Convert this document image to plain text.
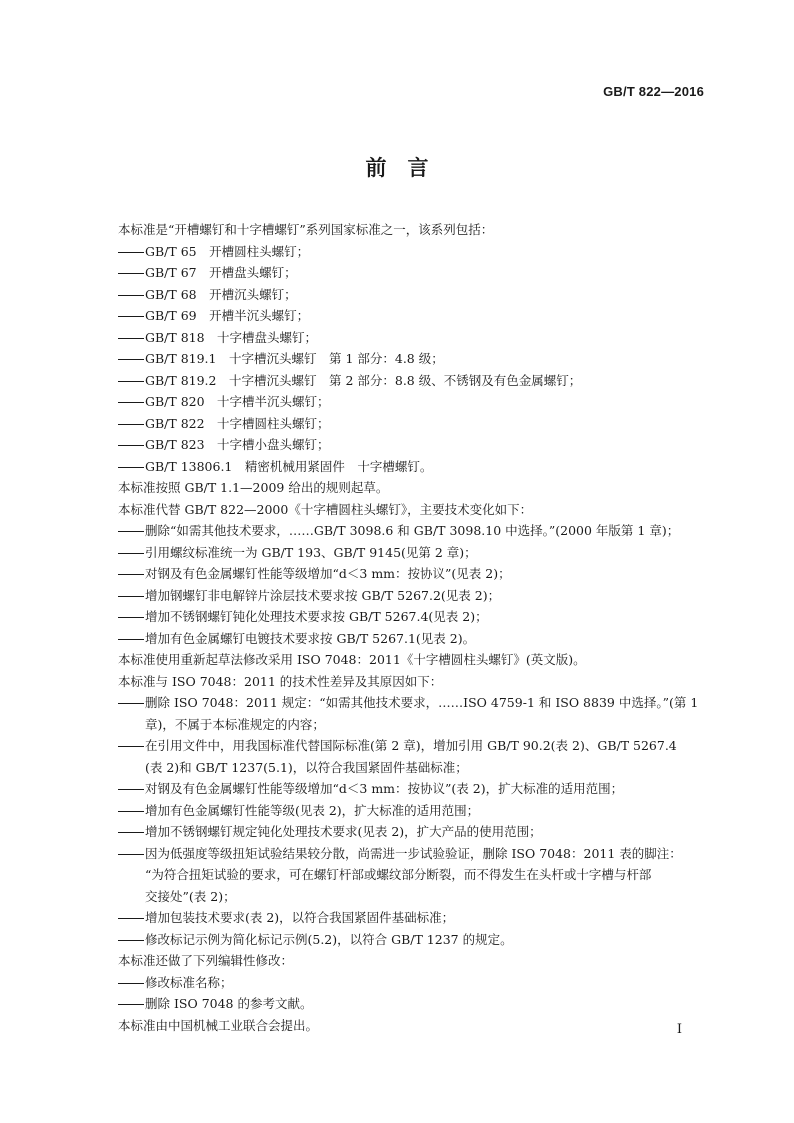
GB/T 822—2016
前　言
本标准是“开槽螺钉和十字槽螺钉”系列国家标准之一，该系列包括：
GB/T 65　开槽圆柱头螺钉；
GB/T 67　开槽盘头螺钉；
GB/T 68　开槽沉头螺钉；
GB/T 69　开槽半沉头螺钉；
GB/T 818　十字槽盘头螺钉；
GB/T 819.1　十字槽沉头螺钉　第 1 部分：4.8 级；
GB/T 819.2　十字槽沉头螺钉　第 2 部分：8.8 级、不锈钢及有色金属螺钉；
GB/T 820　十字槽半沉头螺钉；
GB/T 822　十字槽圆柱头螺钉；
GB/T 823　十字槽小盘头螺钉；
GB/T 13806.1　精密机械用紧固件　十字槽螺钉。
本标准按照 GB/T 1.1—2009 给出的规则起草。
本标准代替 GB/T 822—2000《十字槽圆柱头螺钉》，主要技术变化如下：
删除“如需其他技术要求，……GB/T 3098.6 和 GB/T 3098.10 中选择。”(2000 年版第 1 章)；
引用螺纹标准统一为 GB/T 193、GB/T 9145(见第 2 章)；
对钢及有色金属螺钉性能等级增加“d＜3 mm：按协议”(见表 2)；
增加钢螺钉非电解锌片涂层技术要求按 GB/T 5267.2(见表 2)；
增加不锈钢螺钉钝化处理技术要求按 GB/T 5267.4(见表 2)；
增加有色金属螺钉电镀技术要求按 GB/T 5267.1(见表 2)。
本标准使用重新起草法修改采用 ISO 7048：2011《十字槽圆柱头螺钉》(英文版)。
本标准与 ISO 7048：2011 的技术性差异及其原因如下：
删除 ISO 7048：2011 规定：“如需其他技术要求，……ISO 4759-1 和 ISO 8839 中选择。”(第 1
章)，不属于本标准规定的内容；
在引用文件中，用我国标准代替国际标准(第 2 章)，增加引用 GB/T 90.2(表 2)、GB/T 5267.4
(表 2)和 GB/T 1237(5.1)，以符合我国紧固件基础标准；
对钢及有色金属螺钉性能等级增加“d＜3 mm：按协议”(表 2)，扩大标准的适用范围；
增加有色金属螺钉性能等级(见表 2)，扩大标准的适用范围；
增加不锈钢螺钉规定钝化处理技术要求(见表 2)，扩大产品的使用范围；
因为低强度等级扭矩试验结果较分散，尚需进一步试验验证，删除 ISO 7048：2011 表的脚注：
“为符合扭矩试验的要求，可在螺钉杆部或螺纹部分断裂，而不得发生在头杆或十字槽与杆部
交接处”(表 2)；
增加包装技术要求(表 2)，以符合我国紧固件基础标准；
修改标记示例为简化标记示例(5.2)，以符合 GB/T 1237 的规定。
本标准还做了下列编辑性修改：
修改标准名称；
删除 ISO 7048 的参考文献。
本标准由中国机械工业联合会提出。	I
